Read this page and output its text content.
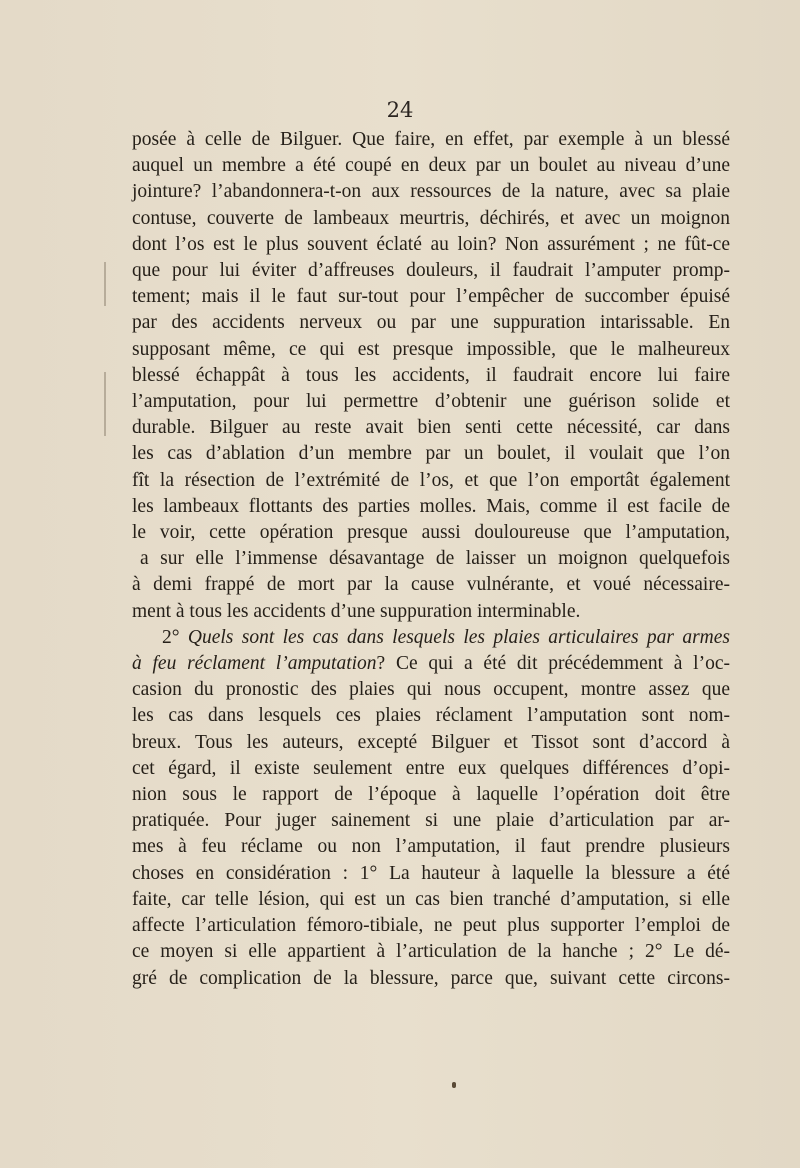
24
posée à celle de Bilguer. Que faire, en effet, par exemple à un blessé
auquel un membre a été coupé en deux par un boulet au niveau d’une
jointure? l’abandonnera-t-on aux ressources de la nature, avec sa plaie
contuse, couverte de lambeaux meurtris, déchirés, et avec un moignon
dont l’os est le plus souvent éclaté au loin? Non assurément ; ne fût-ce
que pour lui éviter d’affreuses douleurs, il faudrait l’amputer promp-
tement; mais il le faut sur-tout pour l’empêcher de succomber épuisé
par des accidents nerveux ou par une suppuration intarissable. En
supposant même, ce qui est presque impossible, que le malheureux
blessé échappât à tous les accidents, il faudrait encore lui faire
l’amputation, pour lui permettre d’obtenir une guérison solide et
durable. Bilguer au reste avait bien senti cette nécessité, car dans
les cas d’ablation d’un membre par un boulet, il voulait que l’on
fît la résection de l’extrémité de l’os, et que l’on emportât également
les lambeaux flottants des parties molles. Mais, comme il est facile de
le voir, cette opération presque aussi douloureuse que l’amputation,
a sur elle l’immense désavantage de laisser un moignon quelquefois
à demi frappé de mort par la cause vulnérante, et voué nécessaire-
ment à tous les accidents d’une suppuration interminable.
2° Quels sont les cas dans lesquels les plaies articulaires par armes
à feu réclament l’amputation? Ce qui a été dit précédemment à l’oc-
casion du pronostic des plaies qui nous occupent, montre assez que
les cas dans lesquels ces plaies réclament l’amputation sont nom-
breux. Tous les auteurs, excepté Bilguer et Tissot sont d’accord à
cet égard, il existe seulement entre eux quelques différences d’opi-
nion sous le rapport de l’époque à laquelle l’opération doit être
pratiquée. Pour juger sainement si une plaie d’articulation par ar-
mes à feu réclame ou non l’amputation, il faut prendre plusieurs
choses en considération : 1° La hauteur à laquelle la blessure a été
faite, car telle lésion, qui est un cas bien tranché d’amputation, si elle
affecte l’articulation fémoro-tibiale, ne peut plus supporter l’emploi de
ce moyen si elle appartient à l’articulation de la hanche ; 2° Le dé-
gré de complication de la blessure, parce que, suivant cette circons-
